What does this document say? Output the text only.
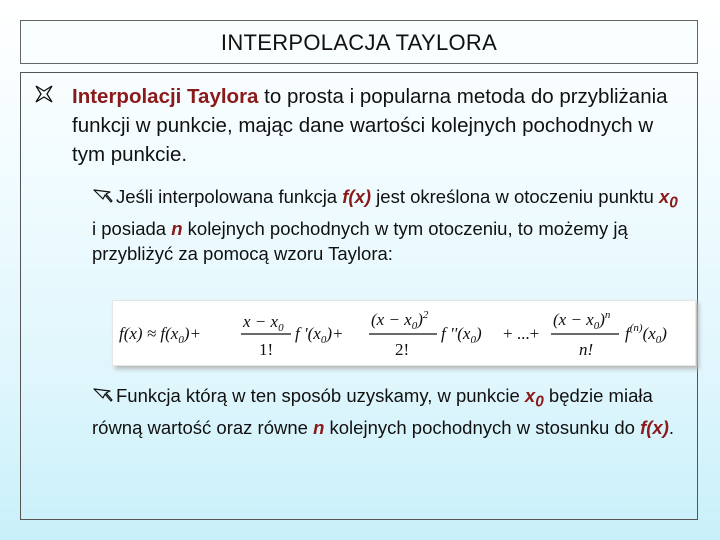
INTERPOLACJA TAYLORA
Interpolacji Taylora to prosta i popularna metoda do przybliżania funkcji w punkcie, mając dane wartości kolejnych pochodnych w tym punkcie.
Jeśli interpolowana funkcja f(x) jest określona w otoczeniu punktu $x_0$ i posiada n kolejnych pochodnych w tym otoczeniu, to możemy ją przybliżyć za pomocą wzoru Taylora:
$f(x) \approx f(x_0)+$
$x - x_0$
1!
f '$(x_0)+$
$(x - x_0)^2$
2!
f ''$(x_0)$ + ...+
$(x - x_0)^n$
n!
$f^{(n)}(x_0)$
Funkcja którą w ten sposób uzyskamy, w punkcie $x_0$ będzie miała równą wartość oraz równe n kolejnych pochodnych w stosunku do f(x).
